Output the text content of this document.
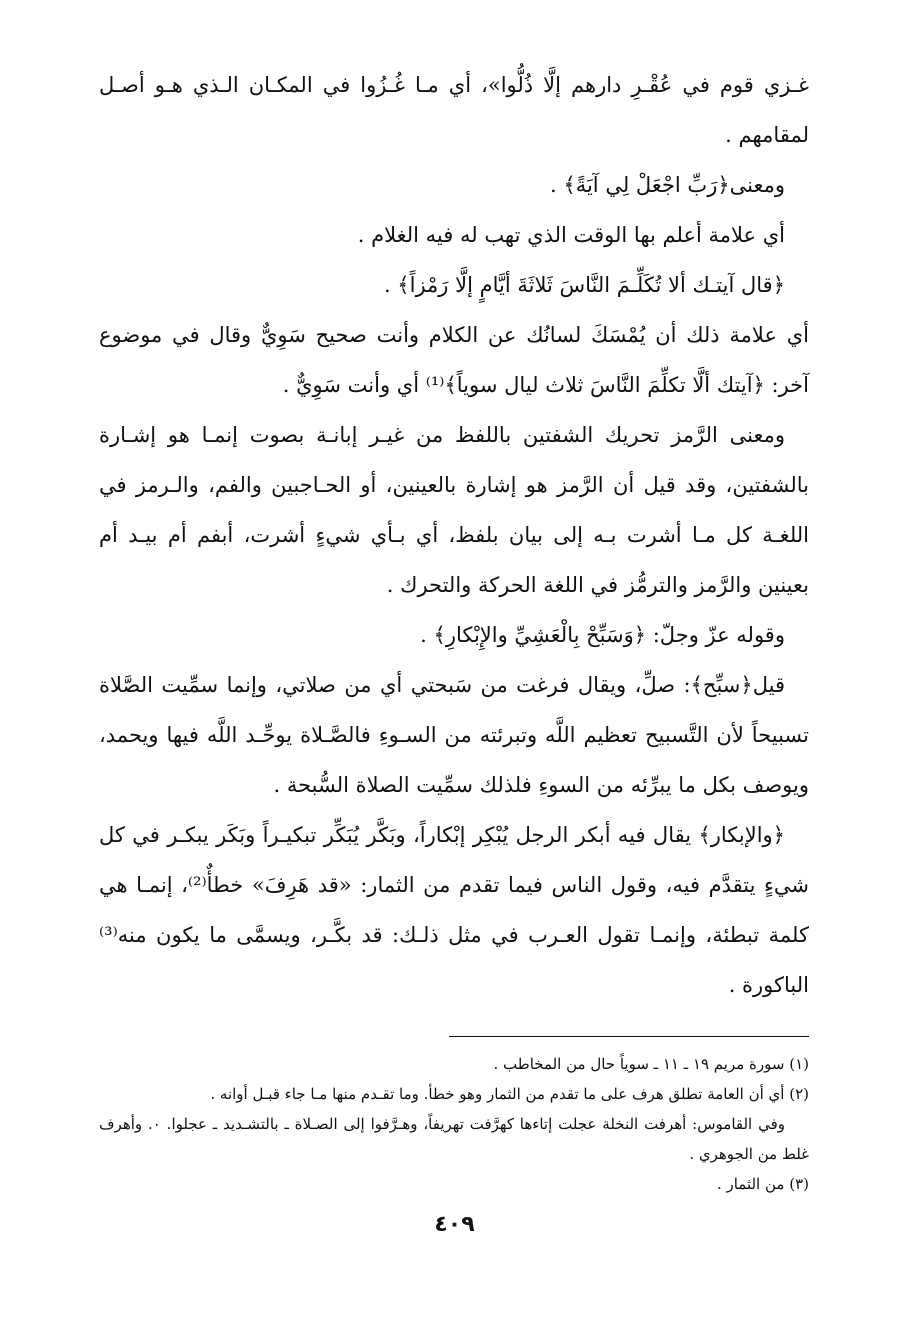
غـزي قوم في عُقْـرِ دارهم إلَّا ذُلُّوا»، أي مـا غُـزُوا في المكـان الـذي هـو أصـل لمقامهم .

ومعنى﴿رَبِّ اجْعَلْ لِي آيَةً﴾ .

أي علامة أعلم بها الوقت الذي تهب له فيه الغلام .

﴿قال آيتـك ألا تُكَلِّـمَ النَّاسَ ثَلاثَةَ أيَّامٍ إلَّا رَمْزاً﴾ .

أي علامة ذلك أن يُمْسَكَ لسانُك عن الكلام وأنت صحيح سَوِيٌّ وقال في موضوع آخر: ﴿آيتك ألَّا تكلِّمَ النَّاسَ ثلاث ليال سوياً﴾⁽¹⁾ أي وأنت سَوِيٌّ .

ومعنى الرَّمز تحريك الشفتين باللفظ من غيـر إبانـة بصوت إنمـا هو إشـارة بالشفتين، وقد قيل أن الرَّمز هو إشارة بالعينين، أو الحـاجبين والفم، والـرمز في اللغـة كل مـا أشرت بـه إلى بيان بلفظ، أي بـأي شيءٍ أشرت، أبفم أم بيـد أم بعينين والرَّمز والترمُّز في اللغة الحركة والتحرك .

وقوله عزّ وجلّ: ﴿وَسَبِّحْ بِالْعَشِيِّ والإِبْكارِ﴾ .

قيل﴿سبِّح﴾: صلِّ، ويقال فرغت من سَبحتي أي من صلاتي، وإنما سمِّيت الصَّلاة تسبيحاً لأن التَّسبيح تعظيم اللَّه وتبرئته من السـوءِ فالصَّـلاة يوحِّـد اللَّه فيها ويحمد، ويوصف بكل ما يبرِّئه من السوءِ فلذلك سمِّيت الصلاة السُّبحة .

﴿والإبكار﴾ يقال فيه أبكر الرجل يُبْكِر إبْكاراً، وبَكَّر يُبَكِّر تبكيـراً وبَكَر يبكـر في كل شيءٍ يتقدَّم فيه، وقول الناس فيما تقدم من الثمار: «قد هَرِفَ» خطأٌ⁽²⁾، إنمـا هي كلمة تبطئة، وإنمـا تقول العـرب في مثل ذلـك: قد بكَّـر، ويسمَّى ما يكون منه⁽³⁾ الباكورة .

(١) سورة مريم ١٩ ـ ١١ ـ سوياً حال من المخاطب .

(٢) أي أن العامة تطلق هرف على ما تقدم من الثمار وهو خطأ. وما تقـدم منها مـا جاء قبـل أوانه .

وفي القاموس: أهرفت النخلة عجلت إتاءها كهرَّفت تهريفاً، وهـرَّفوا إلى الصـلاة ـ بالتشـديد ـ عجلوا. ٠. وأهرف غلط من الجوهري .

(٣) من الثمار .

٤٠٩
